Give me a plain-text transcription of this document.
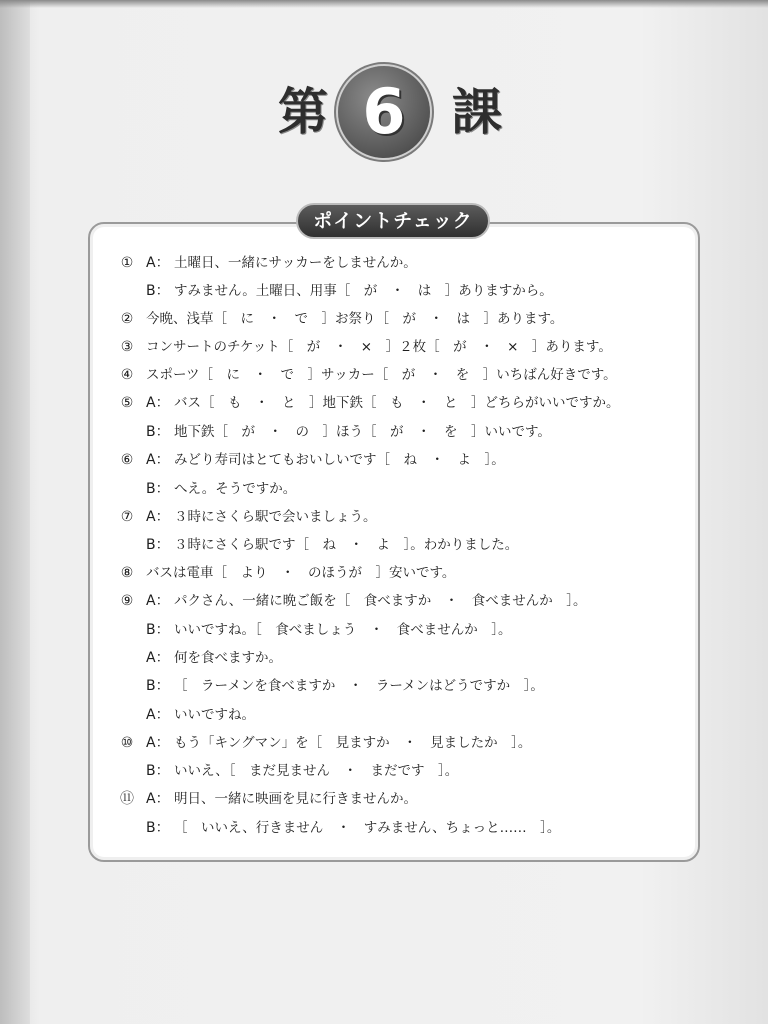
第 6 課
ポイントチェック
① A： 土曜日、一緒にサッカーをしませんか。
B： すみません。土曜日、用事［　が　・　は　］ありますから。
② 今晩、浅草［　に　・　で　］お祭り［　が　・　は　］あります。
③ コンサートのチケット［　が　・　×　］２枚［　が　・　×　］あります。
④ スポーツ［　に　・　で　］サッカー［　が　・　を　］いちばん好きです。
⑤ A： バス［　も　・　と　］地下鉄［　も　・　と　］どちらがいいですか。
B： 地下鉄［　が　・　の　］ほう［　が　・　を　］いいです。
⑥ A： みどり寿司はとてもおいしいです［　ね　・　よ　］。
B： へえ。そうですか。
⑦ A： ３時にさくら駅で会いましょう。
B： ３時にさくら駅です［　ね　・　よ　］。わかりました。
⑧ バスは電車［　より　・　のほうが　］安いです。
⑨ A： パクさん、一緒に晩ご飯を［　食べますか　・　食べませんか　］。
B： いいですね。［　食べましょう　・　食べませんか　］。
A： 何を食べますか。
B： ［　ラーメンを食べますか　・　ラーメンはどうですか　］。
A： いいですね。
⑩ A： もう「キングマン」を［　見ますか　・　見ましたか　］。
B： いいえ、［　まだ見ません　・　まだです　］。
⑪ A： 明日、一緒に映画を見に行きませんか。
B： ［　いいえ、行きません　・　すみません、ちょっと……　］。
